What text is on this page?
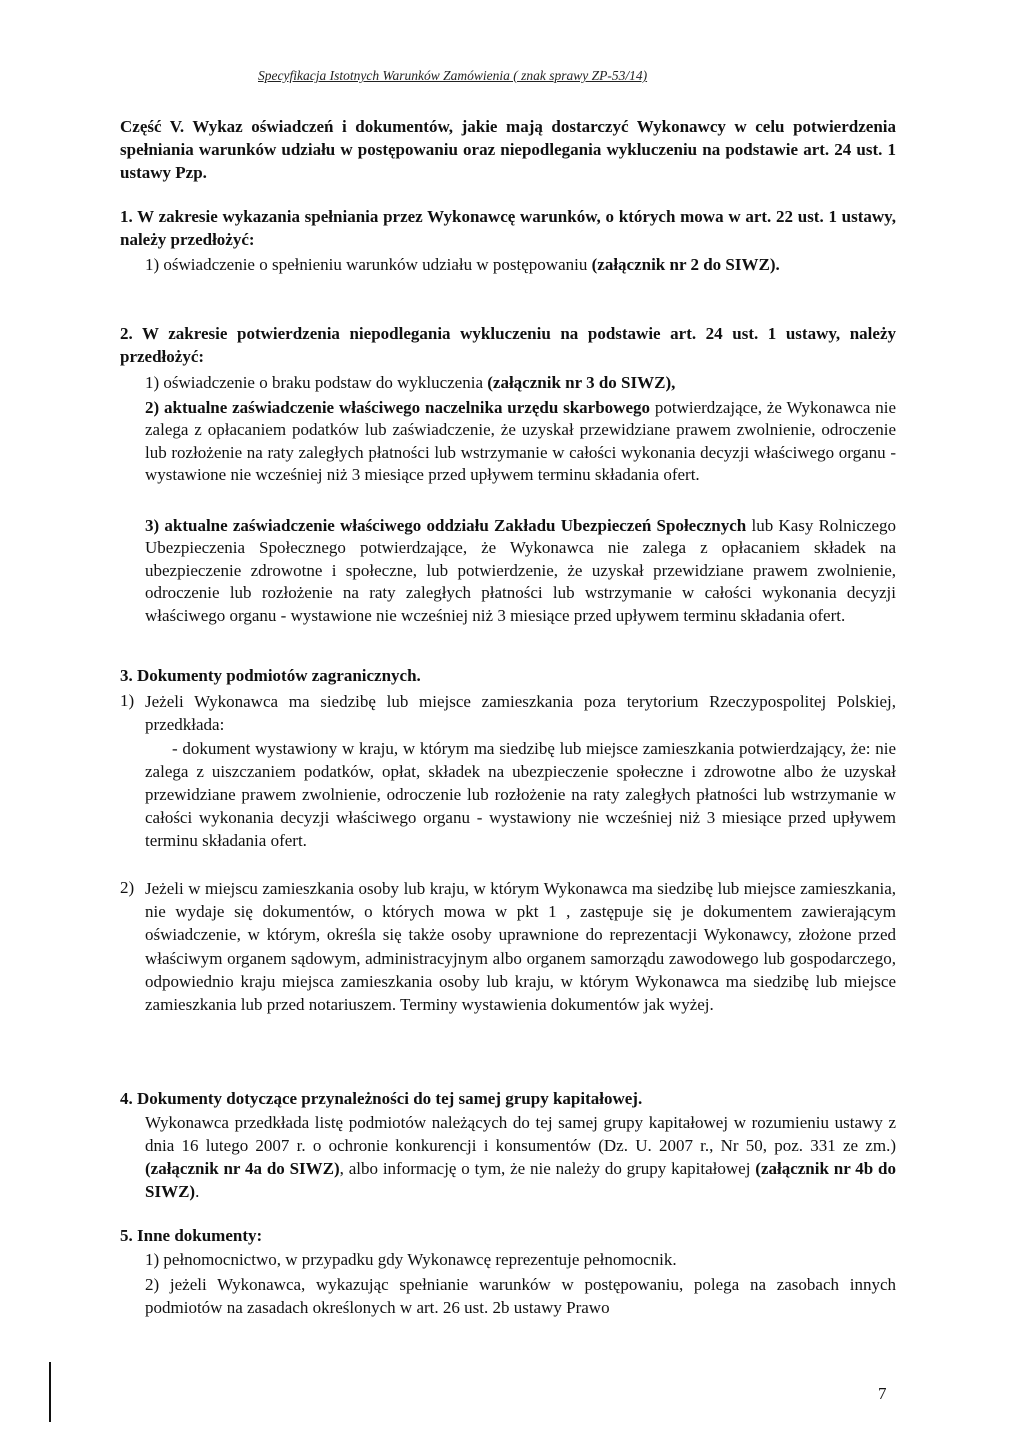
Specyfikacja Istotnych Warunków Zamówienia ( znak sprawy ZP-53/14)
Część V. Wykaz oświadczeń i dokumentów, jakie mają dostarczyć Wykonawcy w celu potwierdzenia spełniania warunków udziału w postępowaniu oraz niepodlegania wykluczeniu na podstawie art. 24 ust. 1 ustawy Pzp.
1. W zakresie wykazania spełniania przez Wykonawcę warunków, o których mowa w art. 22 ust. 1 ustawy, należy przedłożyć:
1) oświadczenie o spełnieniu warunków udziału w postępowaniu (załącznik nr 2 do SIWZ).
2. W zakresie potwierdzenia niepodlegania wykluczeniu na podstawie art. 24 ust. 1 ustawy, należy przedłożyć:
1) oświadczenie o braku podstaw do wykluczenia (załącznik nr 3 do SIWZ),
2) aktualne zaświadczenie właściwego naczelnika urzędu skarbowego potwierdzające, że Wykonawca nie zalega z opłacaniem podatków lub zaświadczenie, że uzyskał przewidziane prawem zwolnienie, odroczenie lub rozłożenie na raty zaległych płatności lub wstrzymanie w całości wykonania decyzji właściwego organu - wystawione nie wcześniej niż 3 miesiące przed upływem terminu składania ofert.
3) aktualne zaświadczenie właściwego oddziału Zakładu Ubezpieczeń Społecznych lub Kasy Rolniczego Ubezpieczenia Społecznego potwierdzające, że Wykonawca nie zalega z opłacaniem składek na ubezpieczenie zdrowotne i społeczne, lub potwierdzenie, że uzyskał przewidziane prawem zwolnienie, odroczenie lub rozłożenie na raty zaległych płatności lub wstrzymanie w całości wykonania decyzji właściwego organu - wystawione nie wcześniej niż 3 miesiące przed upływem terminu składania ofert.
3. Dokumenty podmiotów zagranicznych.
1) Jeżeli Wykonawca ma siedzibę lub miejsce zamieszkania poza terytorium Rzeczypospolitej Polskiej, przedkłada:
- dokument wystawiony w kraju, w którym ma siedzibę lub miejsce zamieszkania potwierdzający, że: nie zalega z uiszczaniem podatków, opłat, składek na ubezpieczenie społeczne i zdrowotne albo że uzyskał przewidziane prawem zwolnienie, odroczenie lub rozłożenie na raty zaległych płatności lub wstrzymanie w całości wykonania decyzji właściwego organu - wystawiony nie wcześniej niż 3 miesiące przed upływem terminu składania ofert.
2) Jeżeli w miejscu zamieszkania osoby lub kraju, w którym Wykonawca ma siedzibę lub miejsce zamieszkania, nie wydaje się dokumentów, o których mowa w pkt 1 , zastępuje się je dokumentem zawierającym oświadczenie, w którym, określa się także osoby uprawnione do reprezentacji Wykonawcy, złożone przed właściwym organem sądowym, administracyjnym albo organem samorządu zawodowego lub gospodarczego, odpowiednio kraju miejsca zamieszkania osoby lub kraju, w którym Wykonawca ma siedzibę lub miejsce zamieszkania lub przed notariuszem. Terminy wystawienia dokumentów jak wyżej.
4. Dokumenty dotyczące przynależności do tej samej grupy kapitałowej.
Wykonawca przedkłada listę podmiotów należących do tej samej grupy kapitałowej w rozumieniu ustawy z dnia 16 lutego 2007 r. o ochronie konkurencji i konsumentów (Dz. U. 2007 r., Nr 50, poz. 331 ze zm.) (załącznik nr 4a do SIWZ), albo informację o tym, że nie należy do grupy kapitałowej (załącznik nr 4b do SIWZ).
5. Inne dokumenty:
1) pełnomocnictwo, w przypadku gdy Wykonawcę reprezentuje pełnomocnik.
2) jeżeli Wykonawca, wykazując spełnianie warunków w postępowaniu, polega na zasobach innych podmiotów na zasadach określonych w art. 26 ust. 2b ustawy Prawo
7
